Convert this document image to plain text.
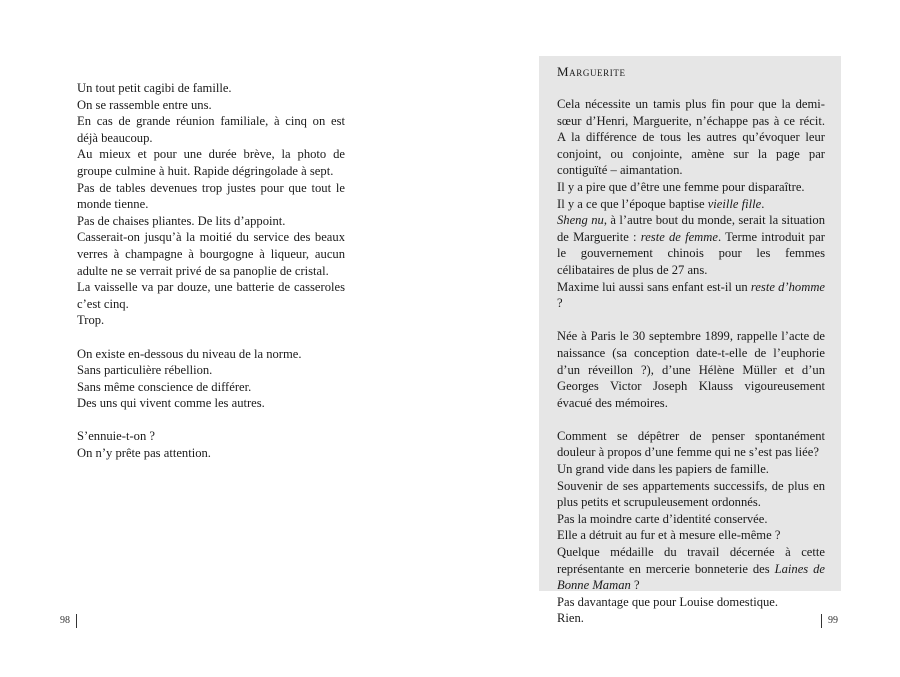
Un tout petit cagibi de famille.

On se rassemble entre uns.

En cas de grande réunion familiale, à cinq on est déjà beaucoup.

Au mieux et pour une durée brève, la photo de groupe culmine à huit. Rapide dégringolade à sept.

Pas de tables devenues trop justes pour que tout le monde tienne.

Pas de chaises pliantes. De lits d’appoint.

Casserait-on jusqu’à la moitié du service des beaux verres à champagne à bourgogne à liqueur, aucun adulte ne se verrait privé de sa panoplie de cristal.

La vaisselle va par douze, une batterie de casseroles c’est cinq.

Trop.

On existe en-dessous du niveau de la norme.

Sans particulière rébellion.

Sans même conscience de différer.

Des uns qui vivent comme les autres.

S’ennuie-t-on ?

On n’y prête pas attention.

98
Marguerite
Cela nécessite un tamis plus fin pour que la demi-sœur d’Henri, Marguerite, n’échappe pas à ce récit. A la différence de tous les autres qu’évoquer leur conjoint, ou conjointe, amène sur la page par contiguïté – aimantation.
Il y a pire que d’être une femme pour disparaître.
Il y a ce que l’époque baptise vieille fille.
Sheng nu, à l’autre bout du monde, serait la situation de Marguerite : reste de femme. Terme introduit par le gouvernement chinois pour les femmes célibataires de plus de 27 ans.
Maxime lui aussi sans enfant est-il un reste d’homme ?
Née à Paris le 30 septembre 1899, rappelle l’acte de naissance (sa conception date-t-elle de l’euphorie d’un réveillon ?), d’une Hélène Müller et d’un Georges Victor Joseph Klauss vigoureusement évacué des mémoires.
Comment se dépêtrer de penser spontanément douleur à propos d’une femme qui ne s’est pas liée?
Un grand vide dans les papiers de famille.
Souvenir de ses appartements successifs, de plus en plus petits et scrupuleusement ordonnés.
Pas la moindre carte d’identité conservée.
Elle a détruit au fur et à mesure elle-même ?
Quelque médaille du travail décernée à cette représentante en mercerie bonneterie des Laines de Bonne Maman ?
Pas davantage que pour Louise domestique.
Rien.	99
